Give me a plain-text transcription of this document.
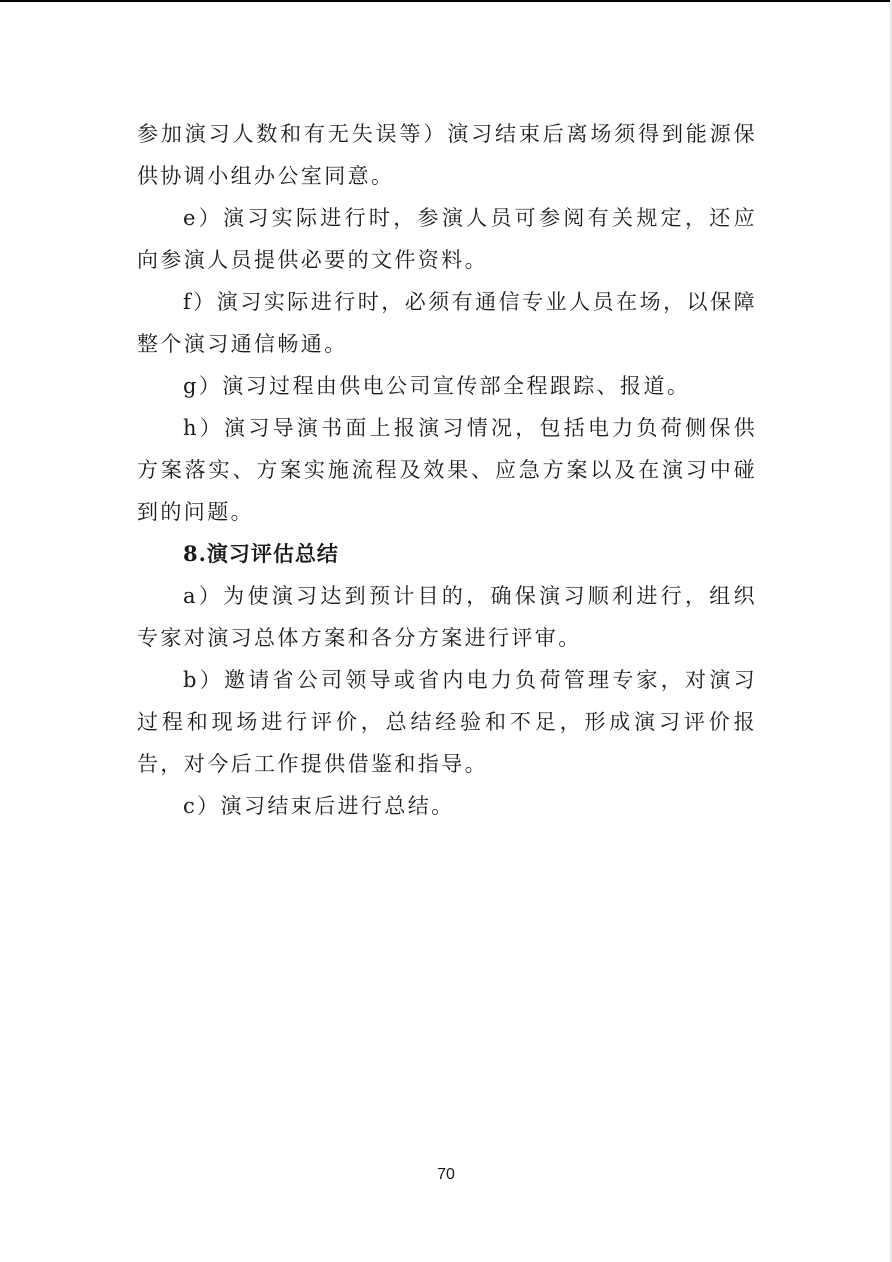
参加演习人数和有无失误等）演习结束后离场须得到能源保供协调小组办公室同意。

e）演习实际进行时，参演人员可参阅有关规定，还应向参演人员提供必要的文件资料。

f）演习实际进行时，必须有通信专业人员在场，以保障整个演习通信畅通。

g）演习过程由供电公司宣传部全程跟踪、报道。

h）演习导演书面上报演习情况，包括电力负荷侧保供方案落实、方案实施流程及效果、应急方案以及在演习中碰到的问题。

8.演习评估总结

a）为使演习达到预计目的，确保演习顺利进行，组织专家对演习总体方案和各分方案进行评审。

b）邀请省公司领导或省内电力负荷管理专家，对演习过程和现场进行评价，总结经验和不足，形成演习评价报告，对今后工作提供借鉴和指导。

c）演习结束后进行总结。

70
